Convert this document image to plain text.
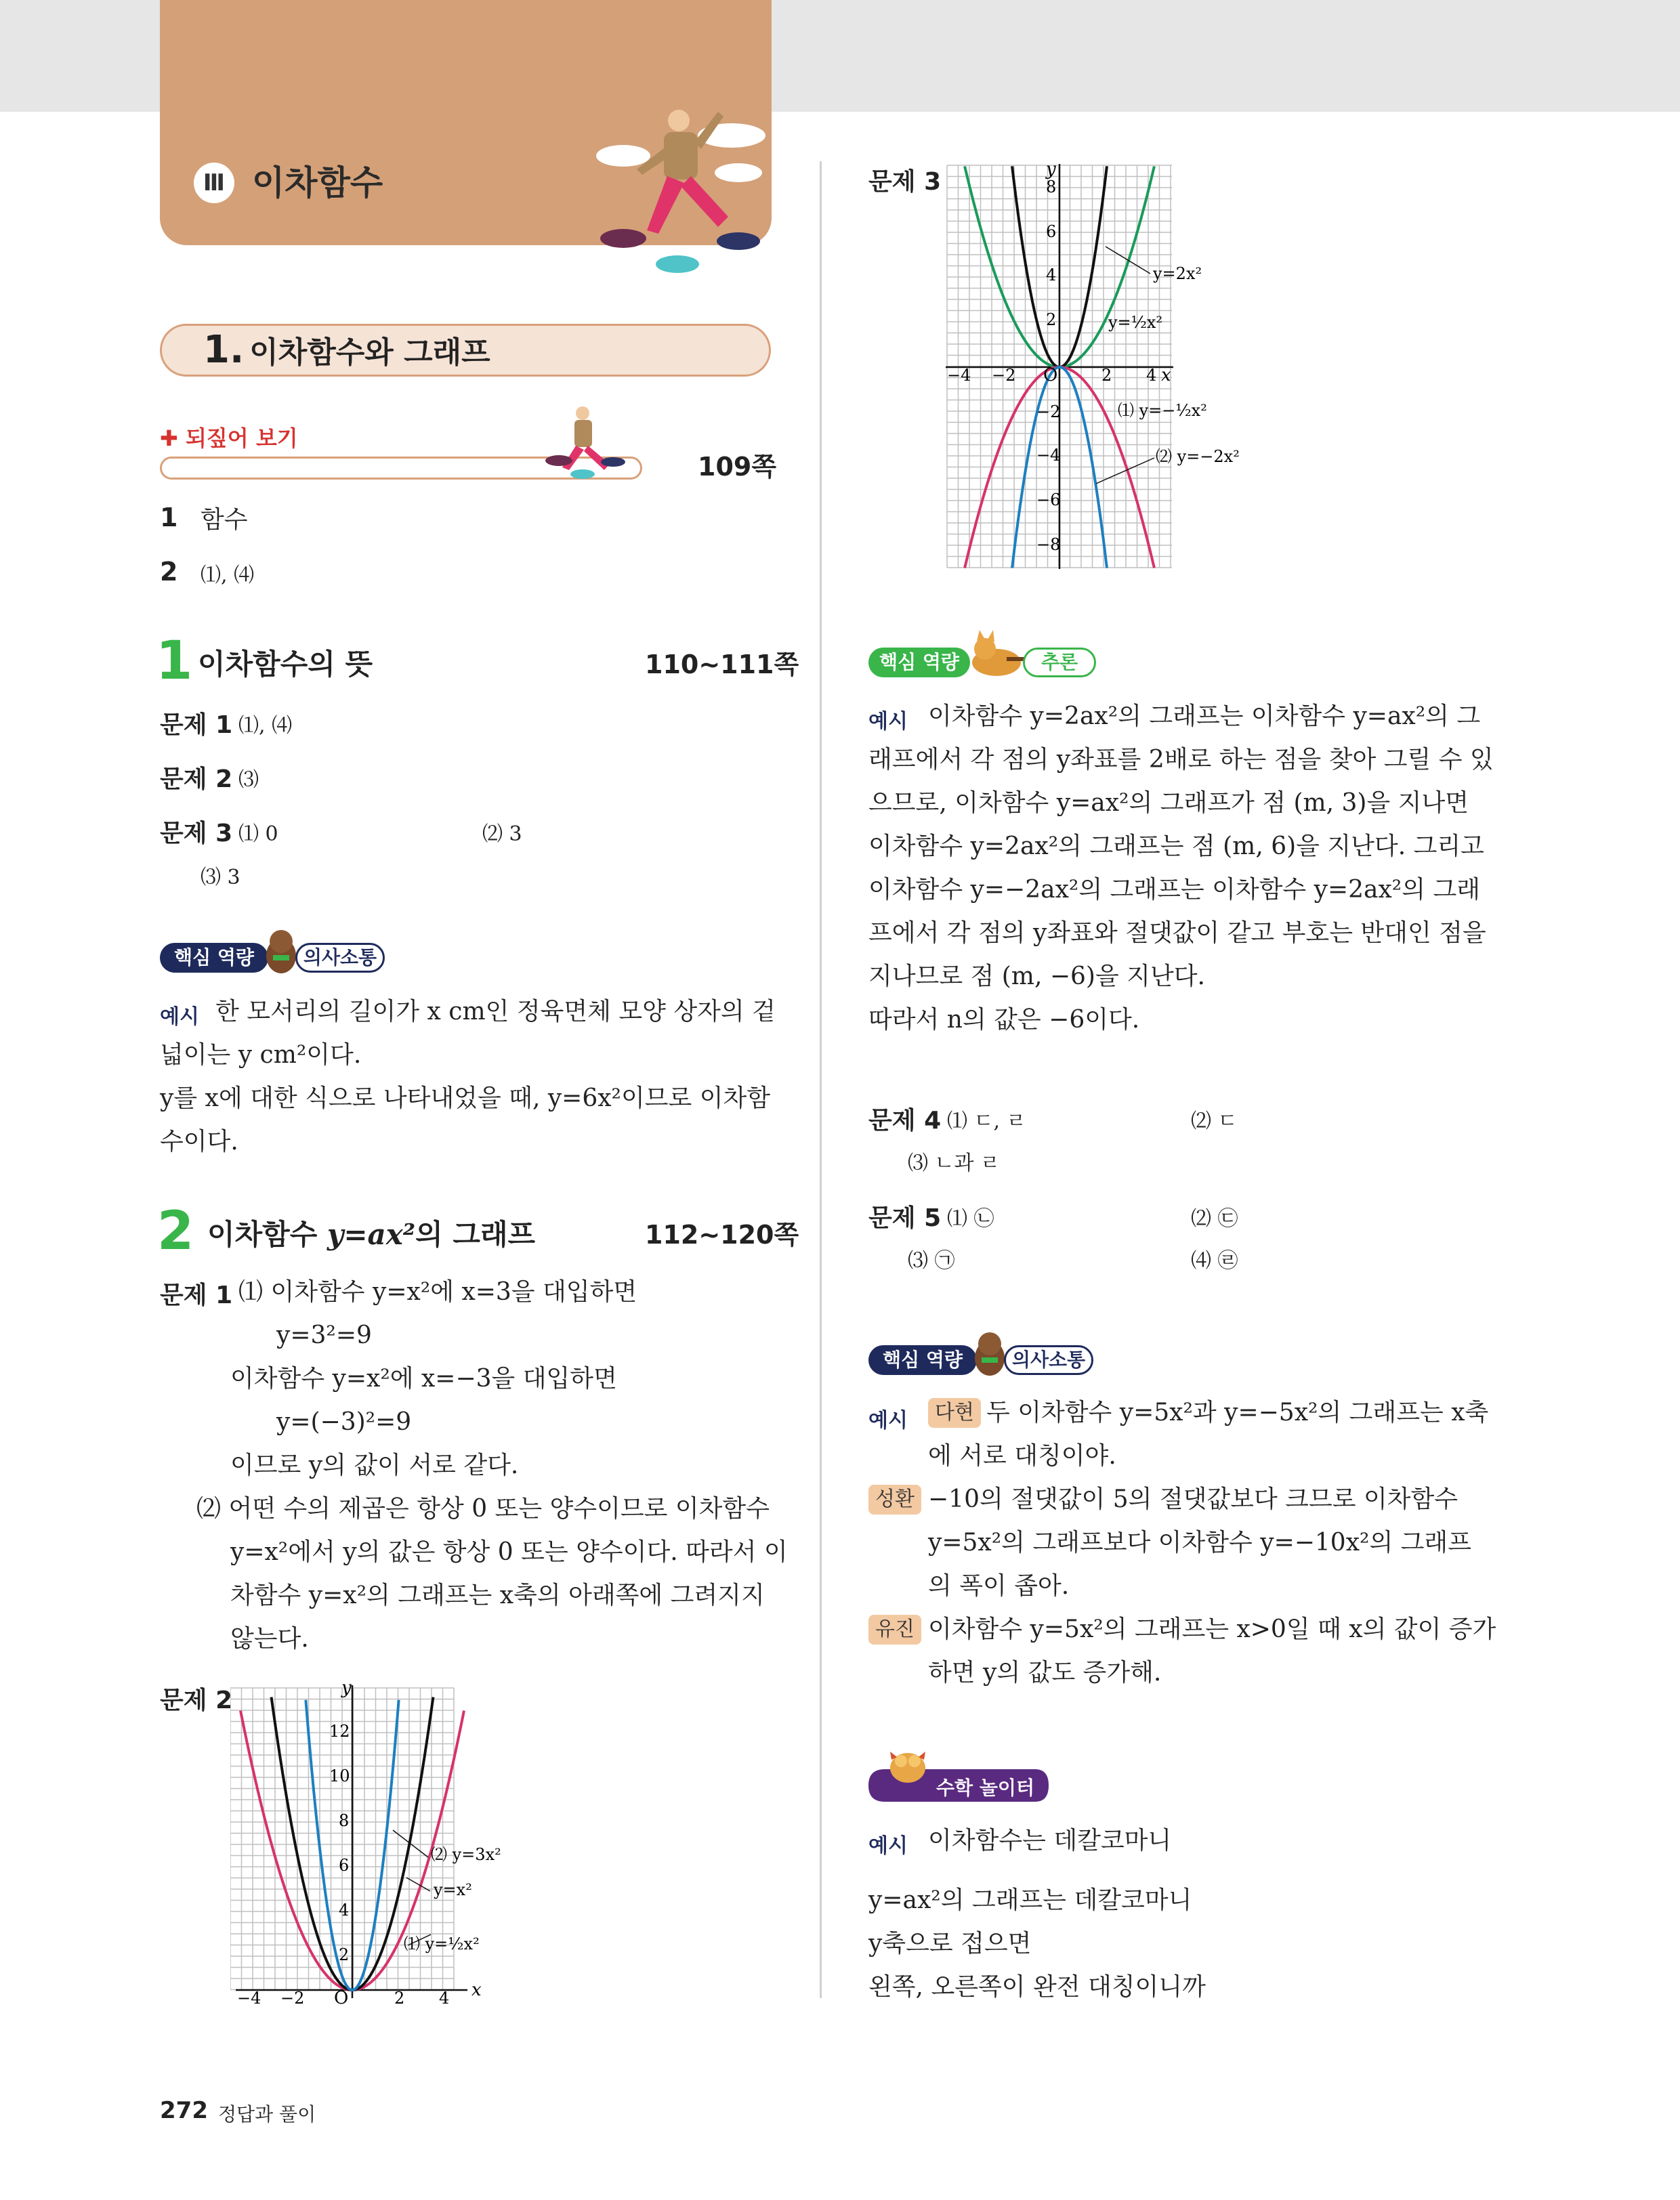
Ⅲ 이차함수
1. 이차함수와 그래프
✚ 되짚어 보기
109쪽
1 함수
2 ⑴, ⑷
1 이차함수의 뜻	110~111쪽
문제 1 ⑴, ⑷
문제 2 ⑶
문제 3 ⑴ 0	⑵ 3
⑶ 3
핵심 역량	의사소통
예시 한 모서리의 길이가 x cm인 정육면체 모양 상자의 겉
넓이는 y cm²이다.
y를 x에 대한 식으로 나타내었을 때, y=6x²이므로 이차함
수이다.
2 이차함수 y=ax²의 그래프	112~120쪽
문제 1 ⑴ 이차함수 y=x²에 x=3을 대입하면
y=3²=9
이차함수 y=x²에 x=−3을 대입하면
y=(−3)²=9
이므로 y의 값이 서로 같다.
⑵ 어떤 수의 제곱은 항상 0 또는 양수이므로 이차함수
y=x²에서 y의 값은 항상 0 또는 양수이다. 따라서 이
차함수 y=x²의 그래프는 x축의 아래쪽에 그려지지
않는다.
문제 2
x
y
O
−4 −2	2 4
2
4
6
8
10
12
⑵ y=3x²
y=x²
⑴ y=½x²
문제 3
x
y
O
−4 −2	2 4
8
6
4
2
−2
−4
−6
−8
y=2x²
y=½x²
⑴ y=−½x²
⑵ y=−2x²
핵심 역량	추론
예시 이차함수 y=2ax²의 그래프는 이차함수 y=ax²의 그
래프에서 각 점의 y좌표를 2배로 하는 점을 찾아 그릴 수 있
으므로, 이차함수 y=ax²의 그래프가 점 (m, 3)을 지나면
이차함수 y=2ax²의 그래프는 점 (m, 6)을 지난다. 그리고
이차함수 y=−2ax²의 그래프는 이차함수 y=2ax²의 그래
프에서 각 점의 y좌표와 절댓값이 같고 부호는 반대인 점을
지나므로 점 (m, −6)을 지난다.
따라서 n의 값은 −6이다.
문제 4 ⑴ ㄷ, ㄹ	⑵ ㄷ
⑶ ㄴ과 ㄹ
문제 5 ⑴ ㉡	⑵ ㉢
⑶ ㉠	⑷ ㉣
핵심 역량	의사소통
예시	다현 두 이차함수 y=5x²과 y=−5x²의 그래프는 x축
에 서로 대칭이야.
성환 −10의 절댓값이 5의 절댓값보다 크므로 이차함수
y=5x²의 그래프보다 이차함수 y=−10x²의 그래프
의 폭이 좁아.
유진 이차함수 y=5x²의 그래프는 x>0일 때 x의 값이 증가
하면 y의 값도 증가해.
수학 놀이터
예시 이차함수는 데칼코마니
y=ax²의 그래프는 데칼코마니
y축으로 접으면
왼쪽, 오른쪽이 완전 대칭이니까
272 정답과 풀이
